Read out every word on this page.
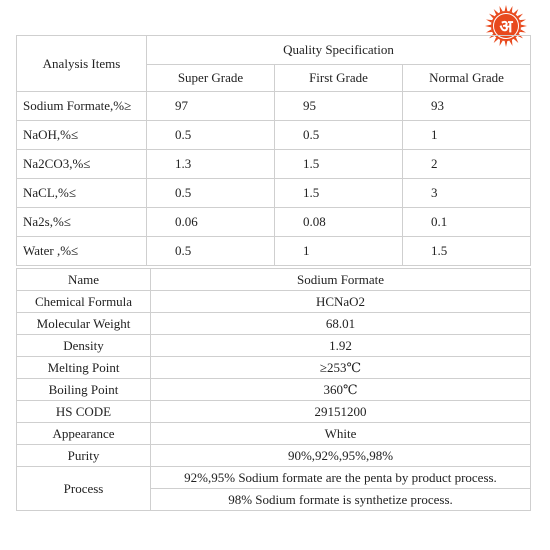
अ
Analysis Items	Quality Specification		
	Super Grade	First Grade	Normal Grade
Sodium Formate,%≥	97	95	93
NaOH,%≤	0.5	0.5	1
Na2CO3,%≤	1.3	1.5	2
NaCL,%≤	0.5	1.5	3
Na2s,%≤	0.06	0.08	0.1
Water ,%≤	0.5	1	1.5
Name	Sodium Formate
Chemical Formula	HCNaO2
Molecular Weight	68.01
Density	1.92
Melting Point	≥253℃
Boiling Point	360℃
HS CODE	29151200
Appearance	White
Purity	90%,92%,95%,98%
Process	92%,95% Sodium formate are the penta by product process.
	98% Sodium formate is synthetize process.
